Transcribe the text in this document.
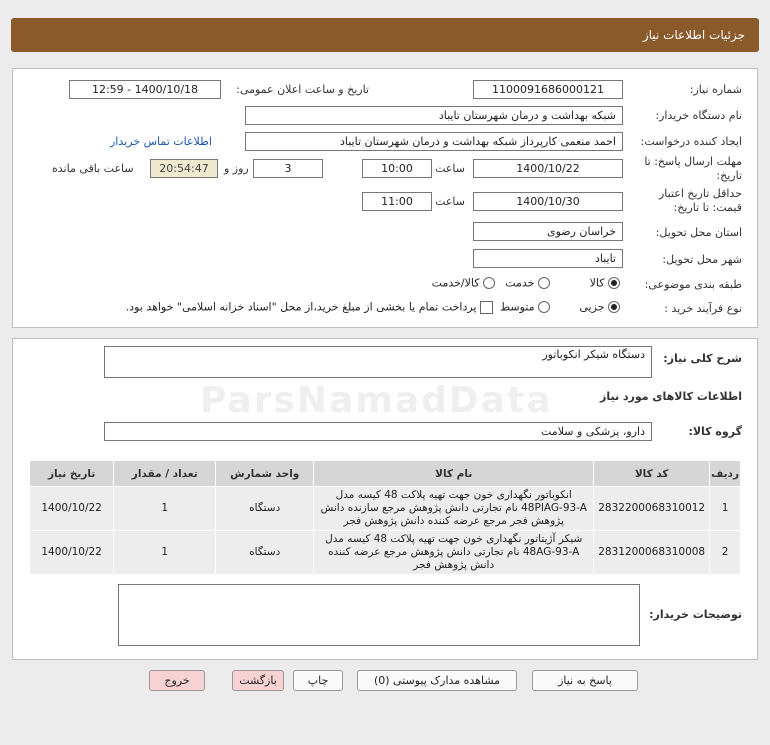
جزئیات اطلاعات نیاز
شماره نیاز:
1100091686000121
تاریخ و ساعت اعلان عمومی:
1400/10/18 - 12:59
نام دستگاه خریدار:
شبکه بهداشت و درمان شهرستان تایباد
ایجاد کننده درخواست:
احمد منعمی کارپرداز شبکه بهداشت و درمان شهرستان تایباد
اطلاعات تماس خریدار
مهلت ارسال پاسخ: تا
تاریخ:
1400/10/22
ساعت
10:00
3
روز و
20:54:47
ساعت باقی مانده
حداقل تاریخ اعتبار
قیمت: تا تاریخ:
1400/10/30
ساعت
11:00
استان محل تحویل:
خراسان رضوی
شهر محل تحویل:
تایباد
طبقه بندی موضوعی:
کالا
خدمت
کالا/خدمت
نوع فرآیند خرید :
جزیی
متوسط
پرداخت تمام یا بخشی از مبلغ خرید،از محل "اسناد خزانه اسلامی" خواهد بود.
شرح کلی نیاز:
دستگاه شیکر انکوباتور
ParsNamadData	اطلاعات کالاهای مورد نیاز
گروه کالا:
دارو، پزشکی و سلامت
ردیف	کد کالا	نام کالا	واحد شمارش	تعداد / مقدار	تاریخ نیاز
1	2832200068310012	انکوباتور نگهداری خون جهت تهیه پلاکت 48 کیسه مدل 48PIAG-93-A نام تجارتی دانش پژوهش مرجع سازنده دانش پژوهش فجر مرجع عرضه کننده دانش پژوهش فجر	دستگاه	1	1400/10/22
2	2831200068310008	شیکر آژیتاتور نگهداری خون جهت تهیه پلاکت 48 کیسه مدل 48AG-93-A نام تجارتی دانش پژوهش مرجع عرضه کننده دانش پژوهش فجر	دستگاه	1	1400/10/22
توضیحات خریدار:
پاسخ به نیاز
مشاهده مدارک پیوستی (0)
چاپ
بازگشت
خروج
